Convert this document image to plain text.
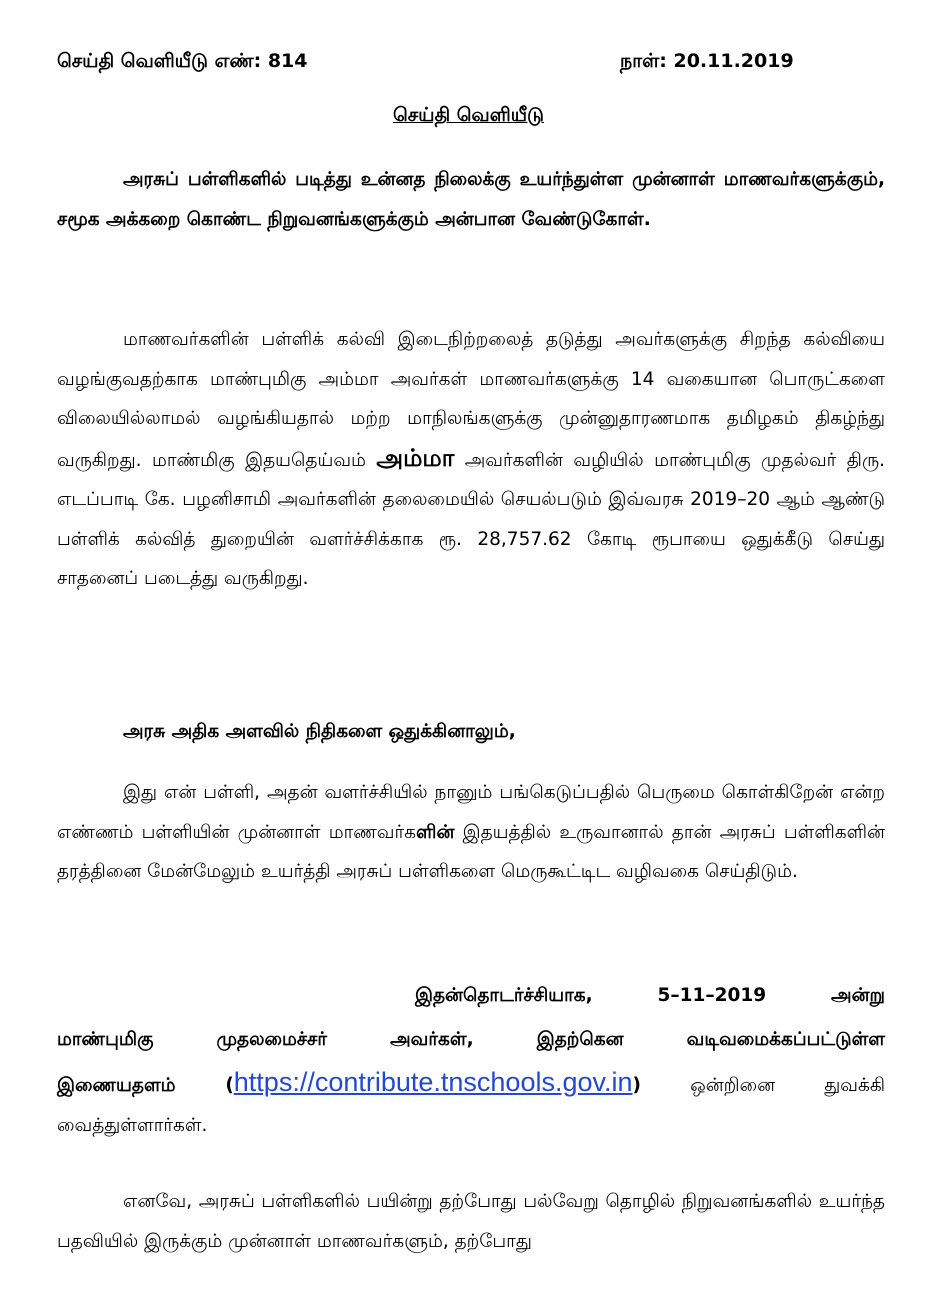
செய்தி வெளியீடு எண்: 814	நாள்: 20.11.2019
செய்தி வெளியீடு

அரசுப் பள்ளிகளில் படித்து உன்னத நிலைக்கு உயர்ந்துள்ள முன்னாள் மாணவர்களுக்கும், சமூக அக்கறை கொண்ட நிறுவனங்களுக்கும் அன்பான வேண்டுகோள்.

மாணவர்களின் பள்ளிக் கல்வி இடைநிற்றலைத் தடுத்து அவர்களுக்கு சிறந்த கல்வியை வழங்குவதற்காக மாண்புமிகு அம்மா அவர்கள் மாணவர்களுக்கு 14 வகையான பொருட்களை விலையில்லாமல் வழங்கியதால் மற்ற மாநிலங்களுக்கு முன்னுதாரணமாக தமிழகம் திகழ்ந்து வருகிறது. மாண்மிகு இதயதெய்வம் அம்மா அவர்களின் வழியில் மாண்புமிகு முதல்வர் திரு. எடப்பாடி கே. பழனிசாமி அவர்களின் தலைமையில் செயல்படும் இவ்வரசு 2019–20 ஆம் ஆண்டு பள்ளிக் கல்வித் துறையின் வளர்ச்சிக்காக ரூ. 28,757.62 கோடி ரூபாயை ஒதுக்கீடு செய்து சாதனைப் படைத்து வருகிறது.

அரசு அதிக அளவில் நிதிகளை ஒதுக்கினாலும்,

இது என் பள்ளி, அதன் வளர்ச்சியில் நானும் பங்கெடுப்பதில் பெருமை கொள்கிறேன் என்ற எண்ணம் பள்ளியின் முன்னாள் மாணவர்களின் இதயத்தில் உருவானால் தான் அரசுப் பள்ளிகளின் தரத்தினை மேன்மேலும் உயர்த்தி அரசுப் பள்ளிகளை மெருகூட்டிட வழிவகை செய்திடும்.

இதன்தொடர்ச்சியாக, 5–11–2019 அன்று

மாண்புமிகு முதலமைச்சர் அவர்கள், இதற்கென வடிவமைக்கப்பட்டுள்ள

இணையதளம் (https://contribute.tnschools.gov.in) ஒன்றினை துவக்கி வைத்துள்ளார்கள்.

எனவே, அரசுப் பள்ளிகளில் பயின்று தற்போது பல்வேறு தொழில் நிறுவனங்களில் உயர்ந்த பதவியில் இருக்கும் முன்னாள் மாணவர்களும், தற்போது
